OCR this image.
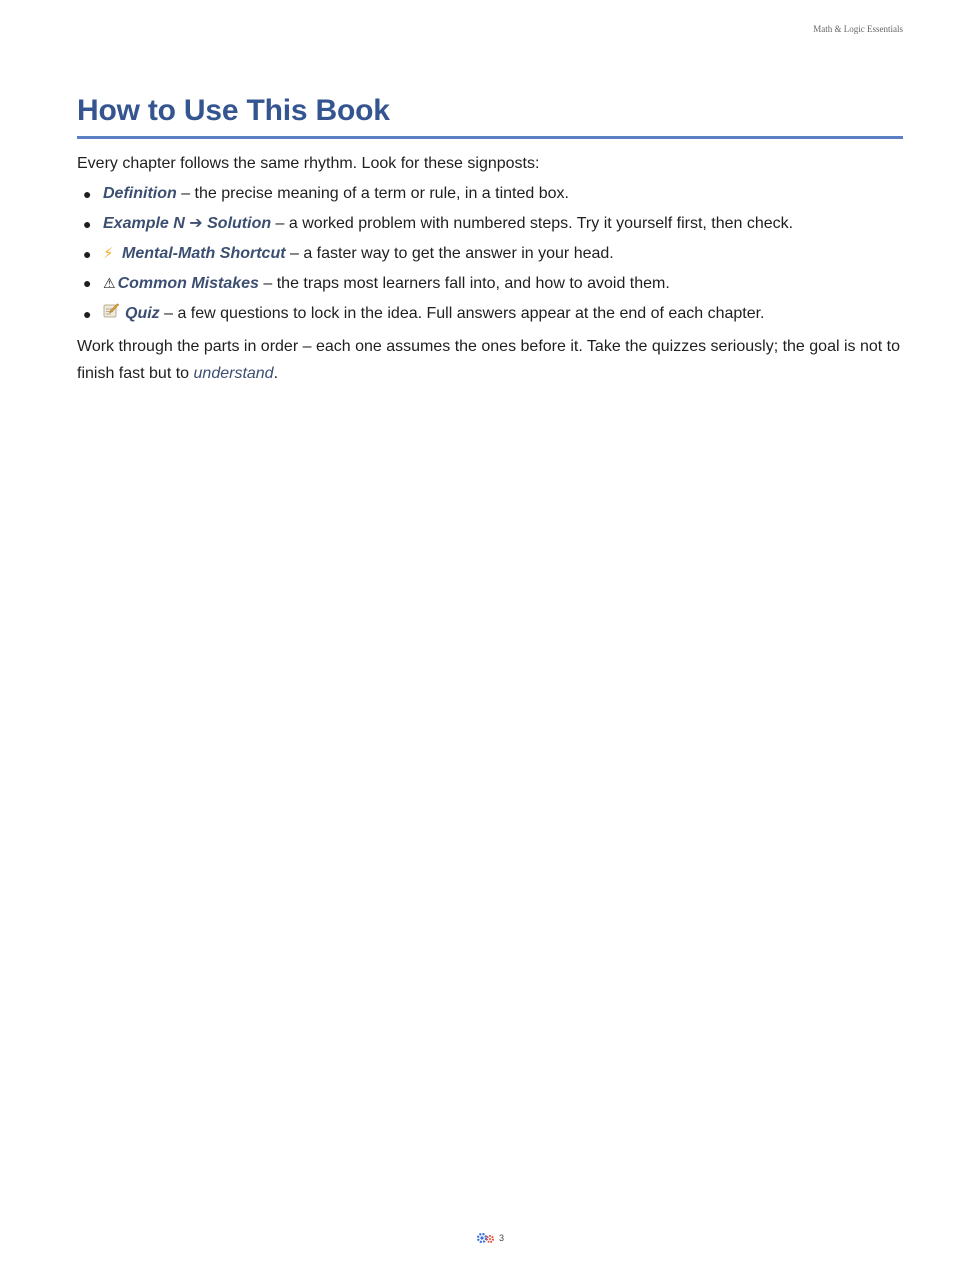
Math & Logic Essentials
How to Use This Book

Every chapter follows the same rhythm. Look for these signposts:

● Definition – the precise meaning of a term or rule, in a tinted box.
● Example N ➔ Solution – a worked problem with numbered steps. Try it yourself first, then check.
● ⚡ Mental-Math Shortcut – a faster way to get the answer in your head.
● ⚠ Common Mistakes – the traps most learners fall into, and how to avoid them.
● Quiz – a few questions to lock in the idea. Full answers appear at the end of each chapter.

Work through the parts in order – each one assumes the ones before it. Take the quizzes seriously; the goal is not to finish fast but to understand.

3
